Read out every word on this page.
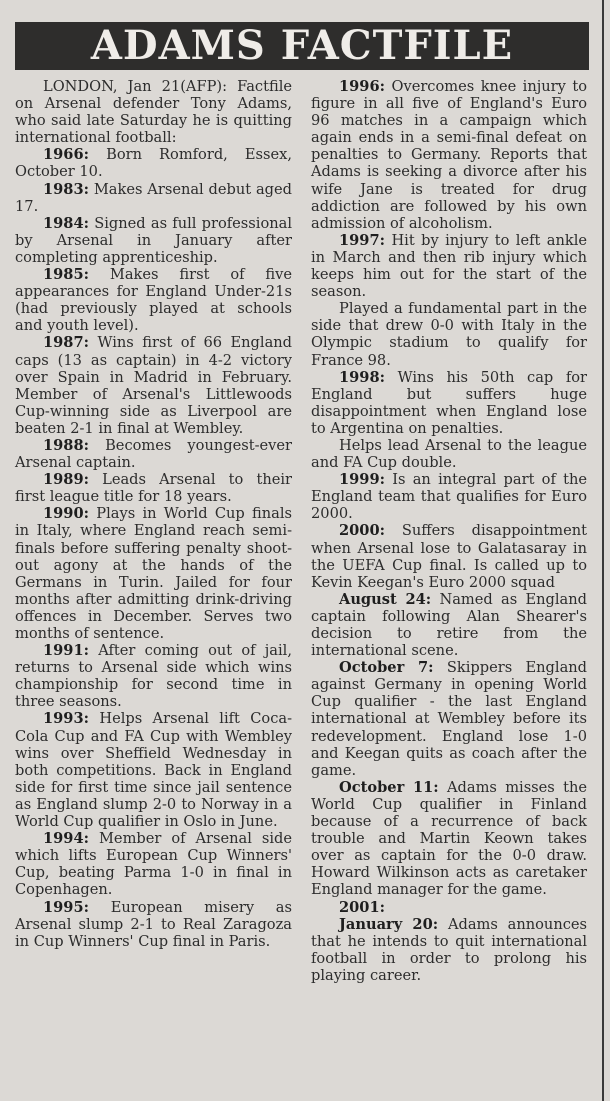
ADAMS FACTFILE

LONDON, Jan 21(AFP): Factfile on Arsenal defender Tony Adams, who said late Saturday he is quitting international football:

1966: Born Romford, Essex, October 10.

1983: Makes Arsenal debut aged 17.

1984: Signed as full professional by Arsenal in January after completing apprenticeship.

1985: Makes first of five appearances for England Under-21s (had previously played at schools and youth level).

1987: Wins first of 66 England caps (13 as captain) in 4-2 victory over Spain in Madrid in February. Member of Arsenal's Littlewoods Cup-winning side as Liverpool are beaten 2-1 in final at Wembley.

1988: Becomes youngest-ever Arsenal captain.

1989: Leads Arsenal to their first league title for 18 years.

1990: Plays in World Cup finals in Italy, where England reach semi-finals before suffering penalty shoot-out agony at the hands of the Germans in Turin. Jailed for four months after admitting drink-driving offences in December. Serves two months of sentence.

1991: After coming out of jail, returns to Arsenal side which wins championship for second time in three seasons.

1993: Helps Arsenal lift Coca-Cola Cup and FA Cup with Wembley wins over Sheffield Wednesday in both competitions. Back in England side for first time since jail sentence as England slump 2-0 to Norway in a World Cup qualifier in Oslo in June.

1994: Member of Arsenal side which lifts European Cup Winners' Cup, beating Parma 1-0 in final in Copenhagen.

1995: European misery as Arsenal slump 2-1 to Real Zaragoza in Cup Winners' Cup final in Paris.

1996: Overcomes knee injury to figure in all five of England's Euro 96 matches in a campaign which again ends in a semi-final defeat on penalties to Germany. Reports that Adams is seeking a divorce after his wife Jane is treated for drug addiction are followed by his own admission of alcoholism.

1997: Hit by injury to left ankle in March and then rib injury which keeps him out for the start of the season.

Played a fundamental part in the side that drew 0-0 with Italy in the Olympic stadium to qualify for France 98.

1998: Wins his 50th cap for England but suffers huge disappointment when England lose to Argentina on penalties.

Helps lead Arsenal to the league and FA Cup double.

1999: Is an integral part of the England team that qualifies for Euro 2000.

2000: Suffers disappointment when Arsenal lose to Galatasaray in the UEFA Cup final. Is called up to Kevin Keegan's Euro 2000 squad

August 24: Named as England captain following Alan Shearer's decision to retire from the international scene.

October 7: Skippers England against Germany in opening World Cup qualifier - the last England international at Wembley before its redevelopment. England lose 1-0 and Keegan quits as coach after the game.

October 11: Adams misses the World Cup qualifier in Finland because of a recurrence of back trouble and Martin Keown takes over as captain for the 0-0 draw. Howard Wilkinson acts as caretaker England manager for the game.

2001:

January 20: Adams announces that he intends to quit international football in order to prolong his playing career.
